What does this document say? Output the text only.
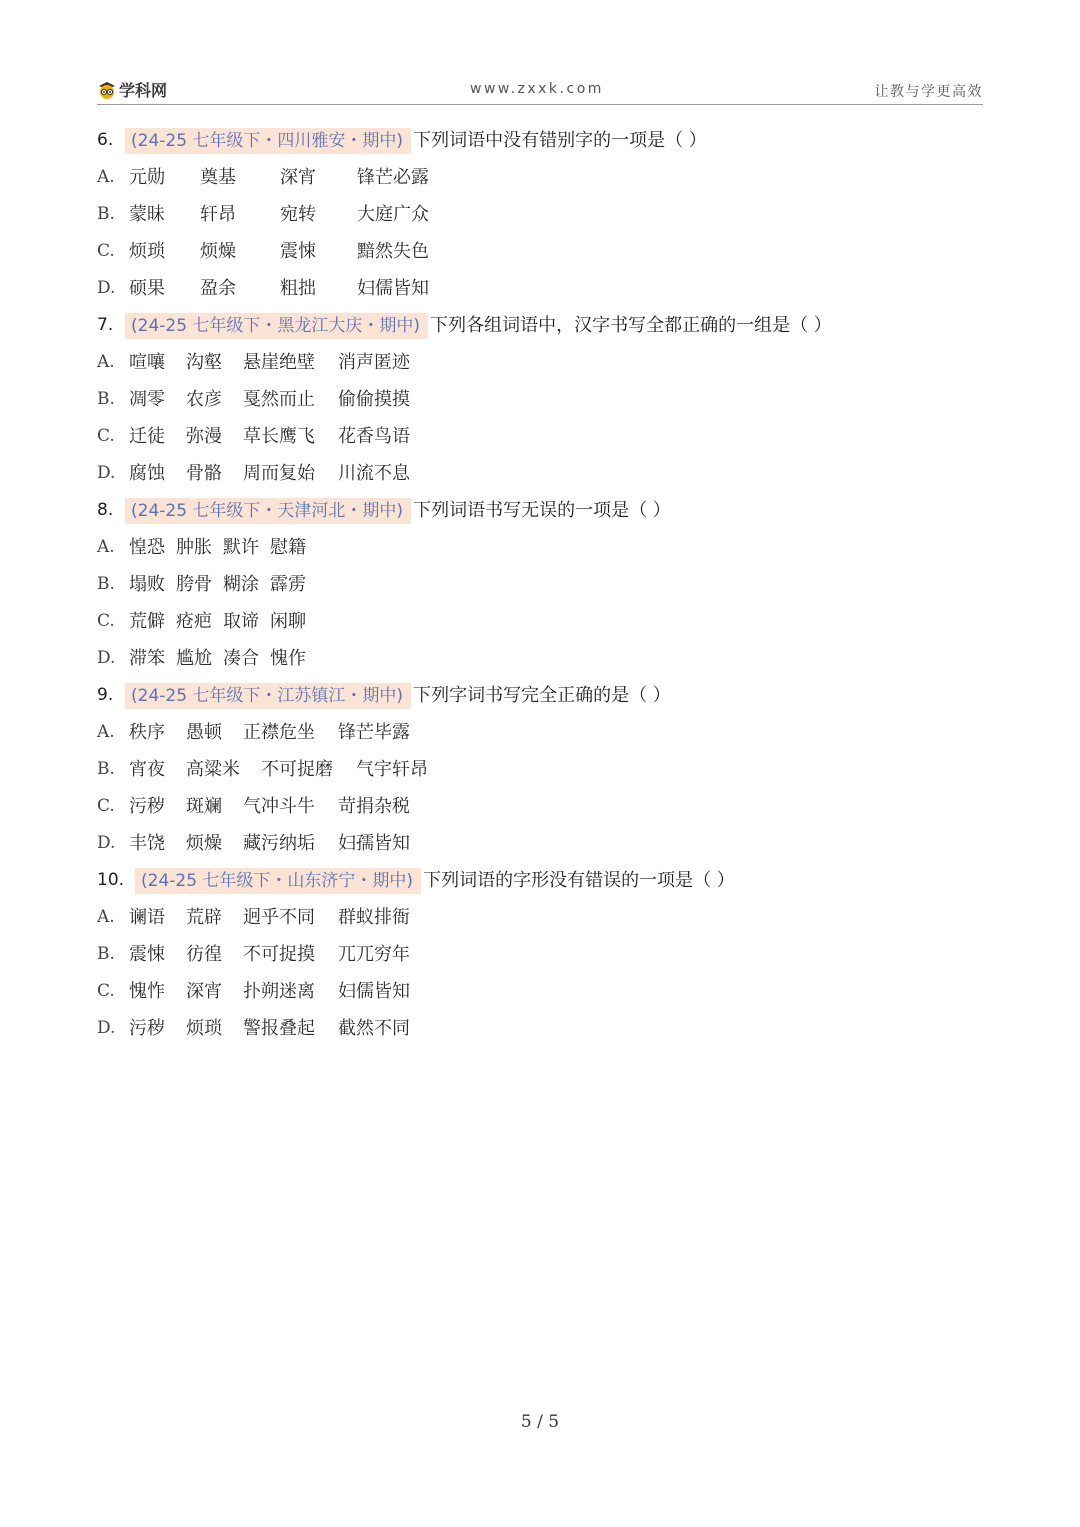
学科网	www.zxxk.com	让教与学更高效
6.	(24-25 七年级下・四川雅安・期中) 下列词语中没有错别字的一项是（ ）
A. 元勋	奠基	深宵	锋芒必露
B. 蒙昧	轩昂	宛转	大庭广众
C. 烦琐	烦燥	震悚	黯然失色
D. 硕果	盈余	粗拙	妇儒皆知
7.	(24-25 七年级下・黑龙江大庆・期中) 下列各组词语中，汉字书写全都正确的一组是（ ）
A. 喧嚷	沟壑	悬崖绝壁	消声匿迹
B. 凋零	农彦	戛然而止	偷偷摸摸
C. 迁徒	弥漫	草长鹰飞	花香鸟语
D. 腐蚀	骨骼	周而复始	川流不息
8.	(24-25 七年级下・天津河北・期中) 下列词语书写无误的一项是（ ）
A. 惶恐 肿胀 默许 慰籍
B. 塌败 胯骨 糊涂 霹雳
C. 荒僻 疮疤 取谛 闲聊
D. 滞笨 尴尬 凑合 愧作
9.	(24-25 七年级下・江苏镇江・期中) 下列字词书写完全正确的是（ ）
A. 秩序	愚顿	正襟危坐	锋芒毕露
B. 宵夜	高粱米	不可捉磨	气宇轩昂
C. 污秽	斑斓	气冲斗牛	苛捐杂税
D. 丰饶	烦燥	藏污纳垢	妇孺皆知
10. (24-25 七年级下・山东济宁・期中) 下列词语的字形没有错误的一项是（ ）
A. 谰语	荒辟	迥乎不同	群蚁排衙
B. 震悚	彷徨	不可捉摸	兀兀穷年
C. 愧怍	深宵	扑朔迷离	妇儒皆知
D. 污秽	烦琐	警报叠起	截然不同
5 / 5
